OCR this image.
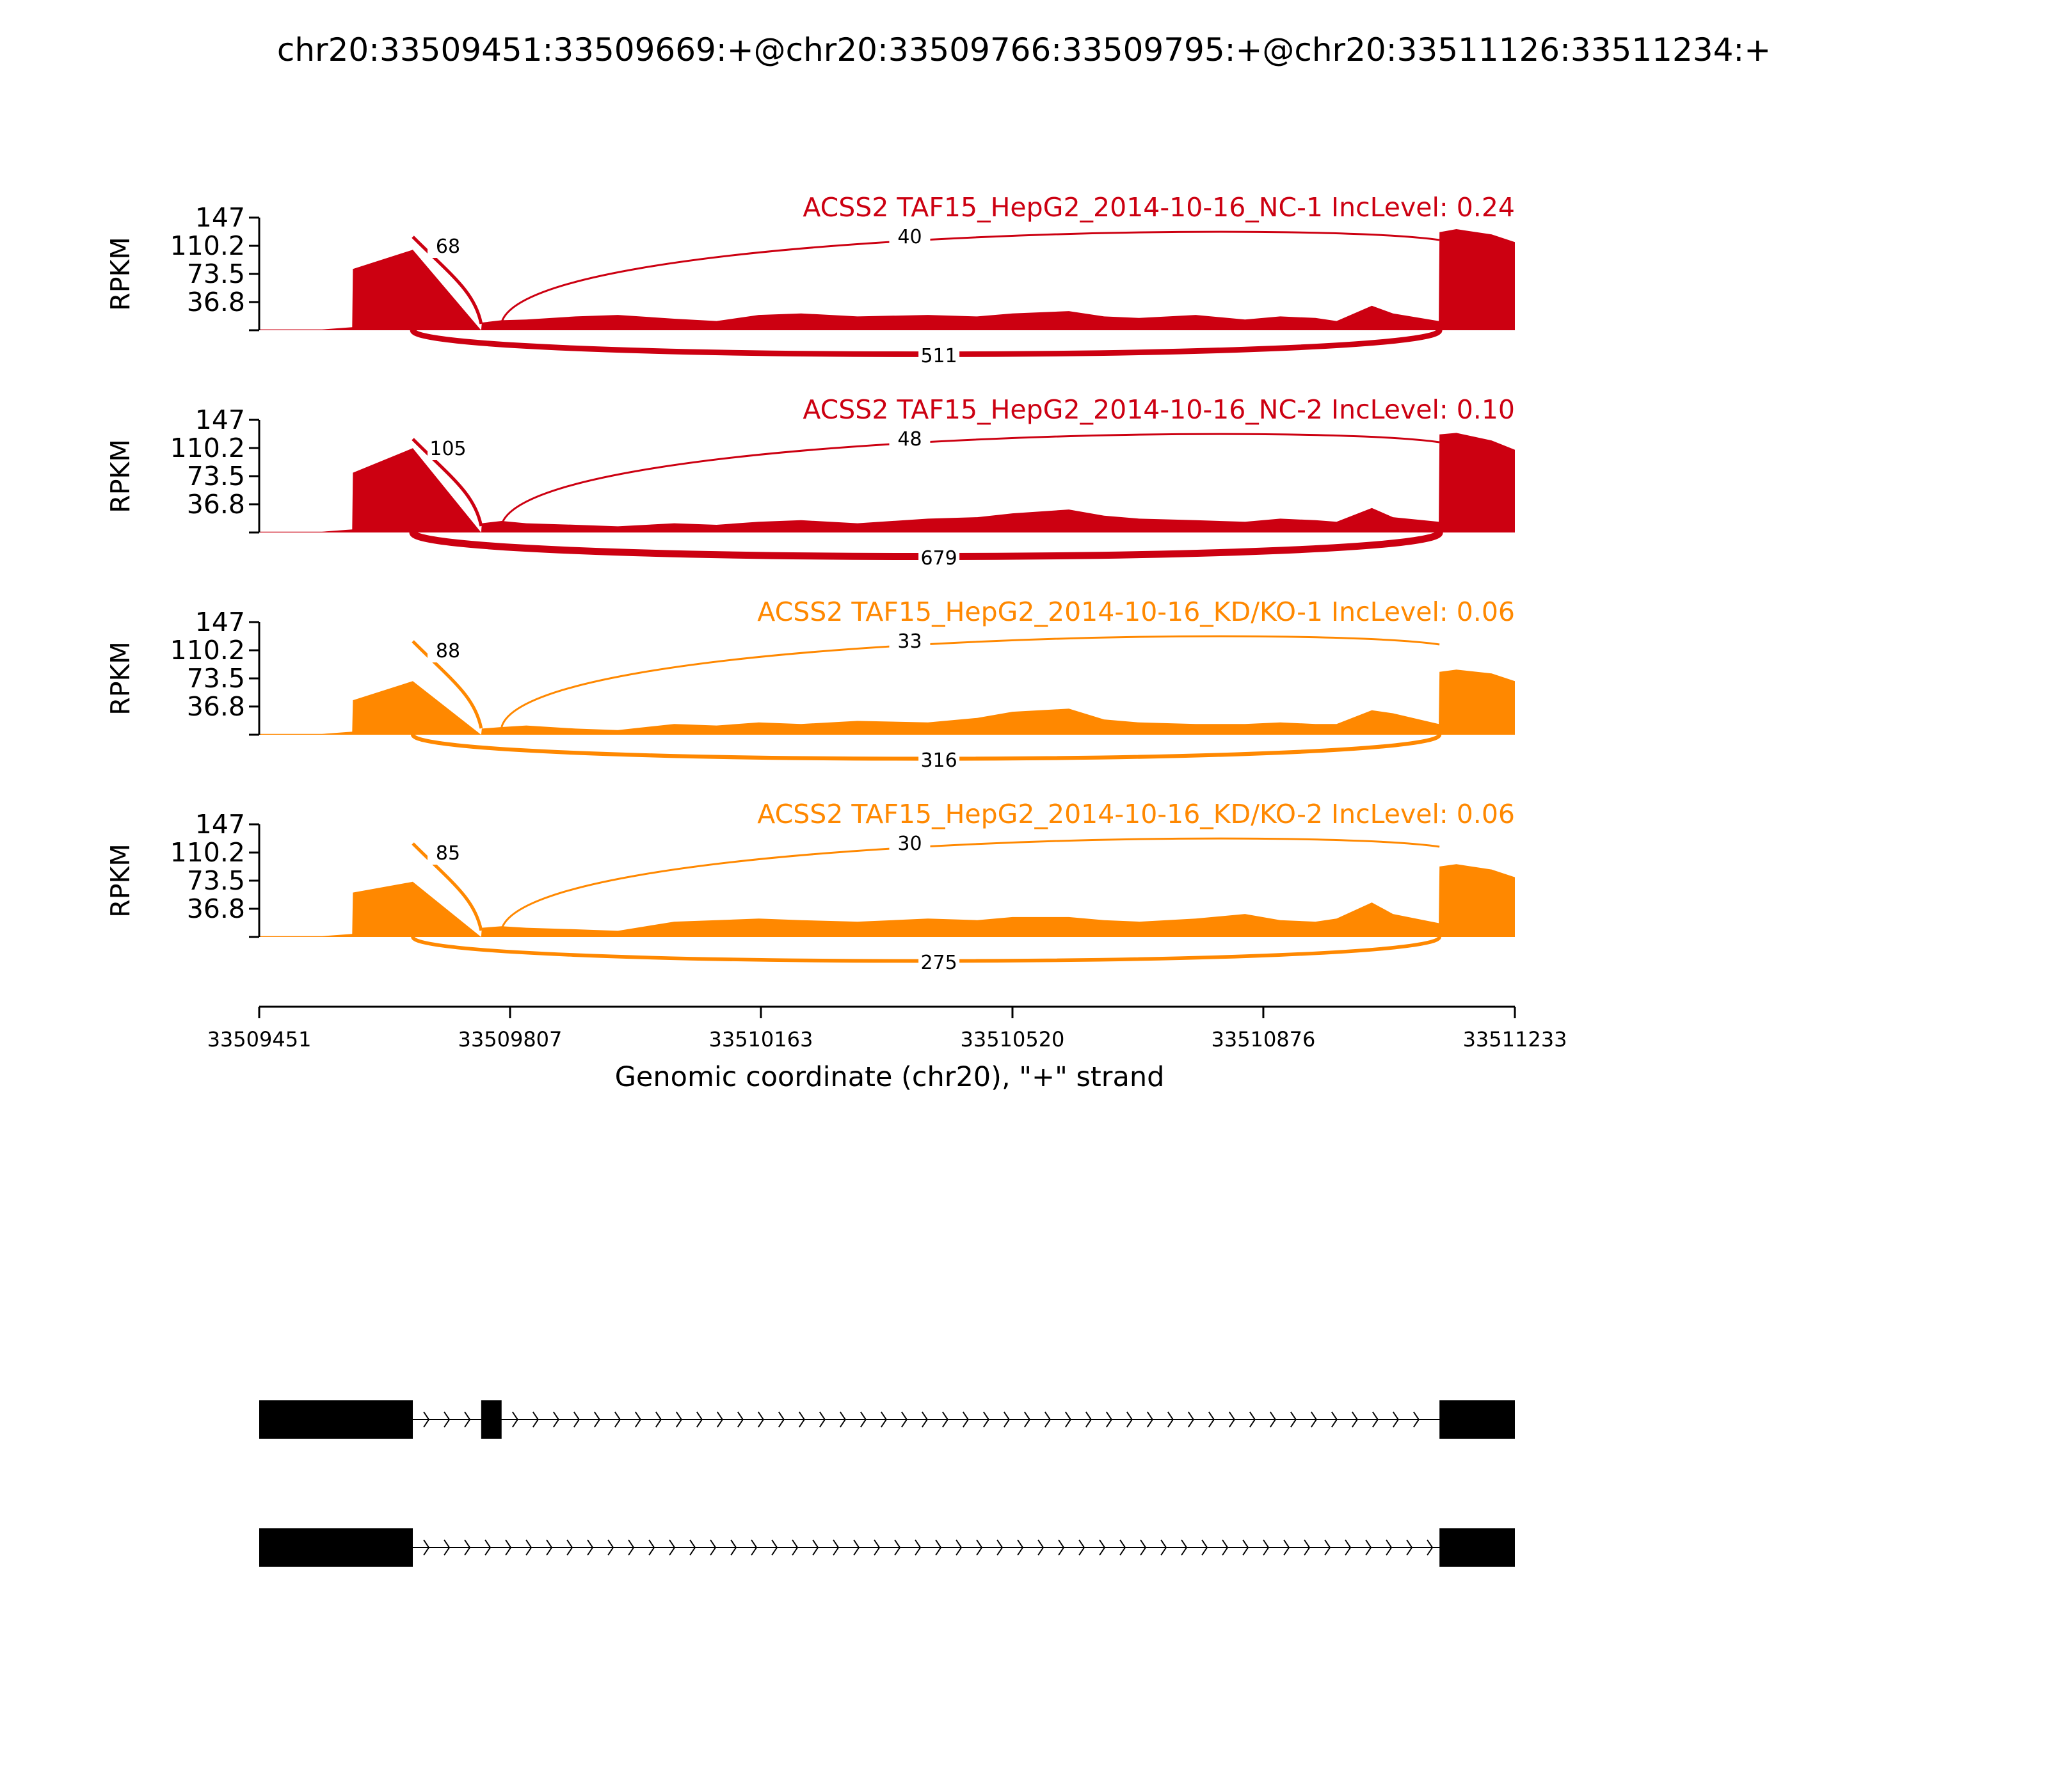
chr20:33509451:33509669:+@chr20:33509766:33509795:+@chr20:33511126:33511234:+
147
110.2
73.5
36.8
RPKM
ACSS2 TAF15_HepG2_2014-10-16_NC-1 IncLevel: 0.24
68	40
511
147
110.2
73.5
36.8
RPKM
ACSS2 TAF15_HepG2_2014-10-16_NC-2 IncLevel: 0.10
105	48
679
147
110.2
73.5
36.8
RPKM
ACSS2 TAF15_HepG2_2014-10-16_KD/KO-1 IncLevel: 0.06
88	33
316
147
110.2
73.5
36.8
RPKM
ACSS2 TAF15_HepG2_2014-10-16_KD/KO-2 IncLevel: 0.06
85	30
275
33509451	33509807	33510163	33510520	33510876	33511233
Genomic coordinate (chr20), "+" strand
